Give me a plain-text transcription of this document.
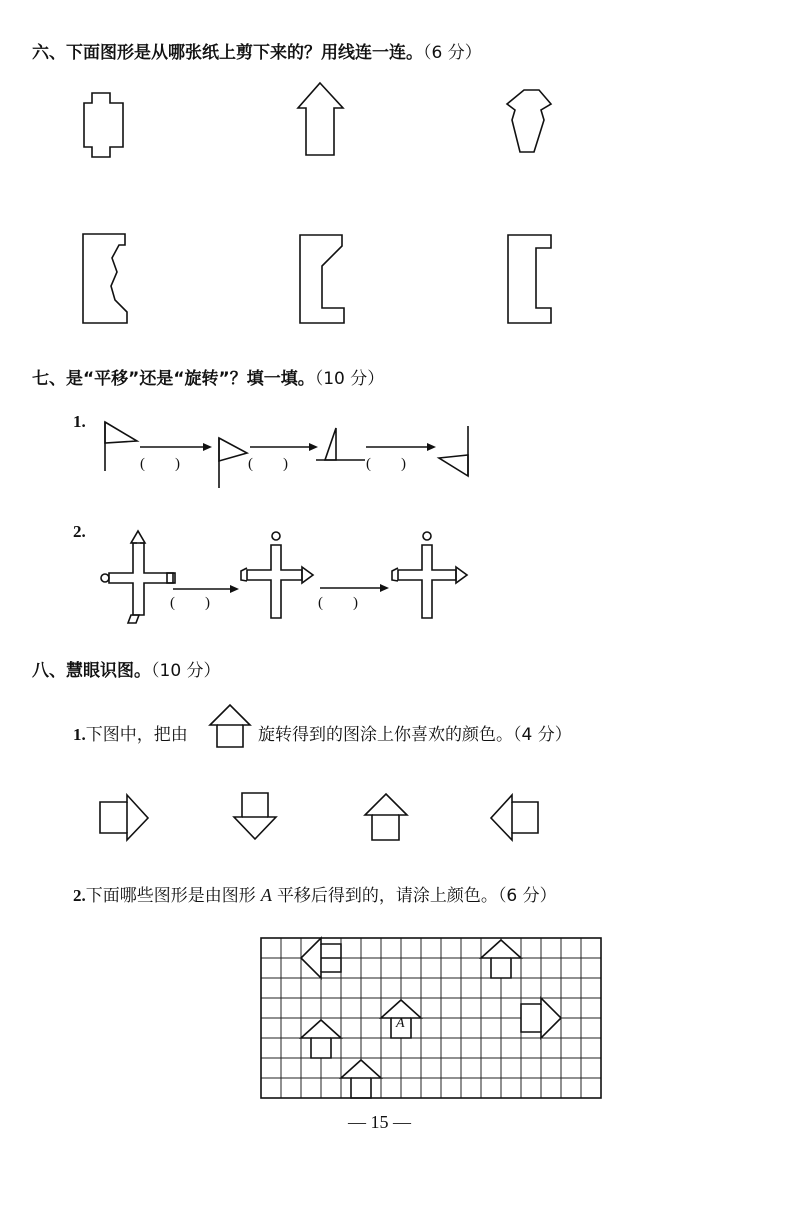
六、下面图形是从哪张纸上剪下来的？用线连一连。（6 分）
七、是“平移”还是“旋转”？填一填。（10 分）
1.
(　　)	(　　)	(　　)
2.
(　　)	(　　)
八、慧眼识图。（10 分）
1.下图中，把由	旋转得到的图涂上你喜欢的颜色。（4 分）
2.下面哪些图形是由图形 A 平移后得到的，请涂上颜色。（6 分）
A
— 15 —
